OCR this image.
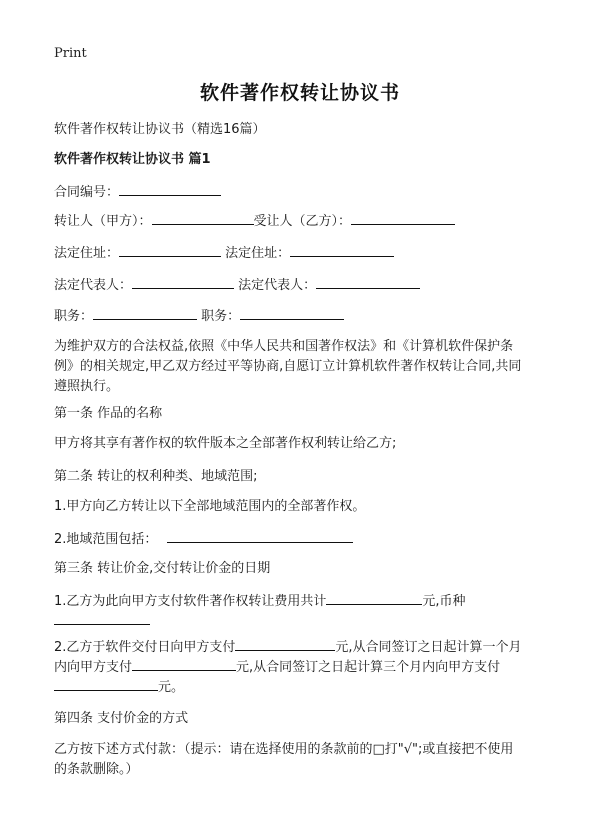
Print
软件著作权转让协议书
软件著作权转让协议书（精选16篇）
软件著作权转让协议书 篇1
合同编号：
转让人（甲方）：	受让人（乙方）：
法定住址：	法定住址：
法定代表人：	法定代表人：
职务：	职务：
为维护双方的合法权益,依照《中华人民共和国著作权法》和《计算机软件保护条
例》的相关规定,甲乙双方经过平等协商,自愿订立计算机软件著作权转让合同,共同
遵照执行。
第一条 作品的名称
甲方将其享有著作权的软件版本之全部著作权利转让给乙方;
第二条 转让的权利种类、地域范围;
1.甲方向乙方转让以下全部地域范围内的全部著作权。
2.地域范围包括：
第三条 转让价金,交付转让价金的日期
1.乙方为此向甲方支付软件著作权转让费用共计	元,币种
2.乙方于软件交付日向甲方支付	元,从合同签订之日起计算一个月
内向甲方支付	元,从合同签订之日起计算三个月内向甲方支付
元。
第四条 支付价金的方式
乙方按下述方式付款：（提示：请在选择使用的条款前的□打"√";或直接把不使用
的条款删除。）
